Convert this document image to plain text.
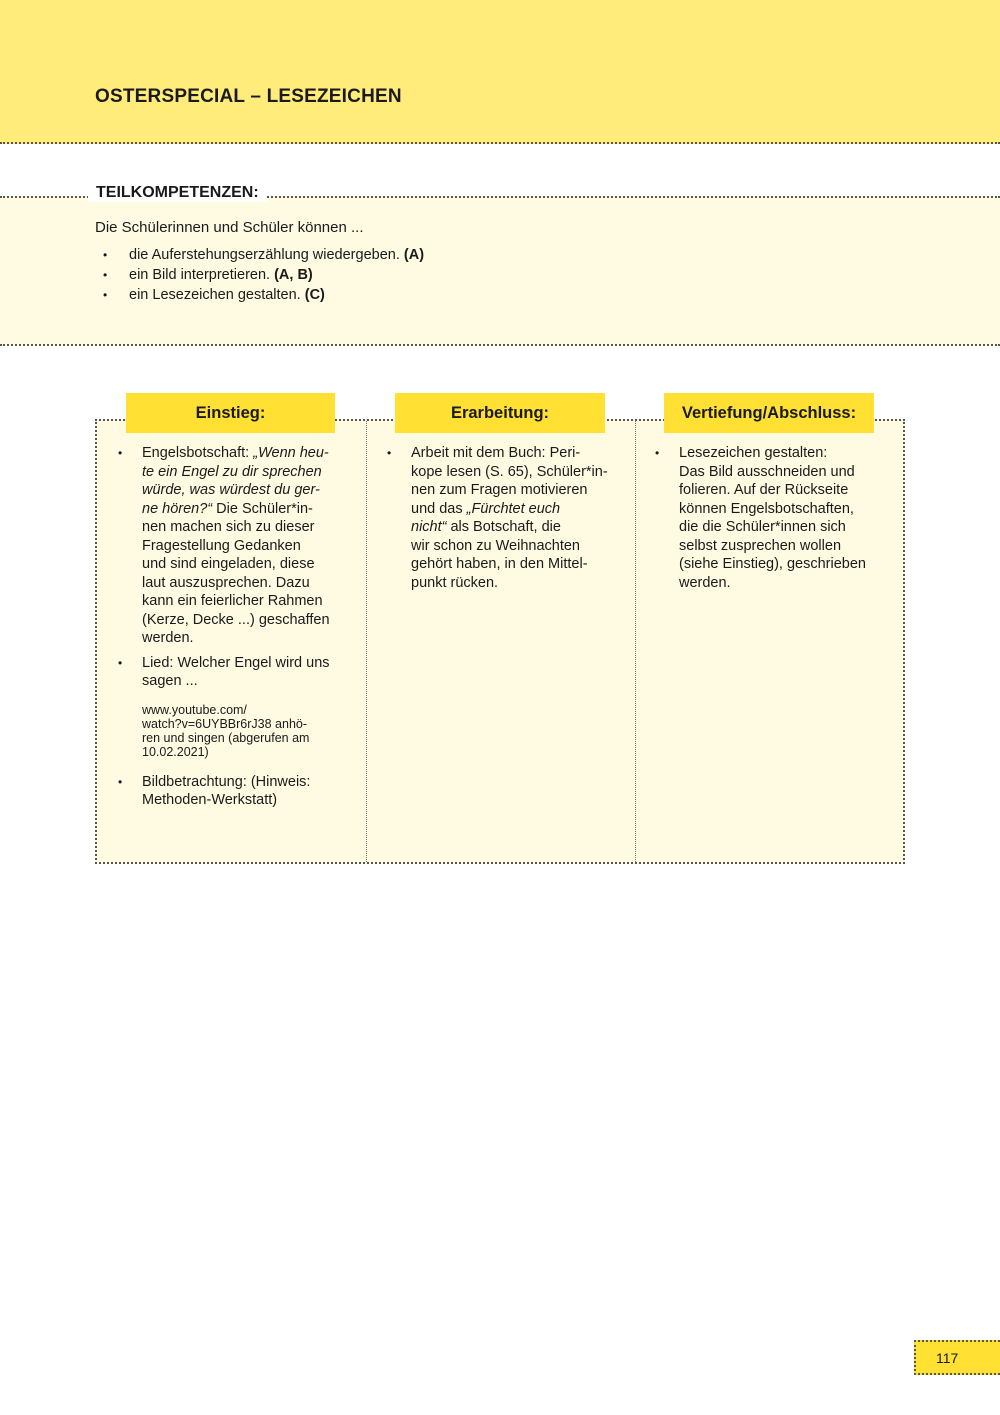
OSTERSPECIAL – LESEZEICHEN
TEILKOMPETENZEN:

Die Schülerinnen und Schüler können ...

• die Auferstehungserzählung wiedergeben. (A)
• ein Bild interpretieren. (A, B)
• ein Lesezeichen gestalten. (C)
Einstieg:	Erarbeitung:	Vertiefung/Abschluss:
• Engelsbotschaft: „Wenn heu-
te ein Engel zu dir sprechen
würde, was würdest du ger-
ne hören?“ Die Schüler*in-
nen machen sich zu dieser
Fragestellung Gedanken
und sind eingeladen, diese
laut auszusprechen. Dazu
kann ein feierlicher Rahmen
(Kerze, Decke ...) geschaffen
werden.
• Lied: Welcher Engel wird uns
sagen ...
www.youtube.com/
watch?v=6UYBBr6rJ38 anhö-
ren und singen (abgerufen am
10.02.2021)
• Bildbetrachtung: (Hinweis:
Methoden-Werkstatt)
• Arbeit mit dem Buch: Peri-
kope lesen (S. 65), Schüler*in-
nen zum Fragen motivieren
und das „Fürchtet euch
nicht“ als Botschaft, die
wir schon zu Weihnachten
gehört haben, in den Mittel-
punkt rücken.
• Lesezeichen gestalten:
Das Bild ausschneiden und
folieren. Auf der Rückseite
können Engelsbotschaften,
die die Schüler*innen sich
selbst zusprechen wollen
(siehe Einstieg), geschrieben
werden.
117
